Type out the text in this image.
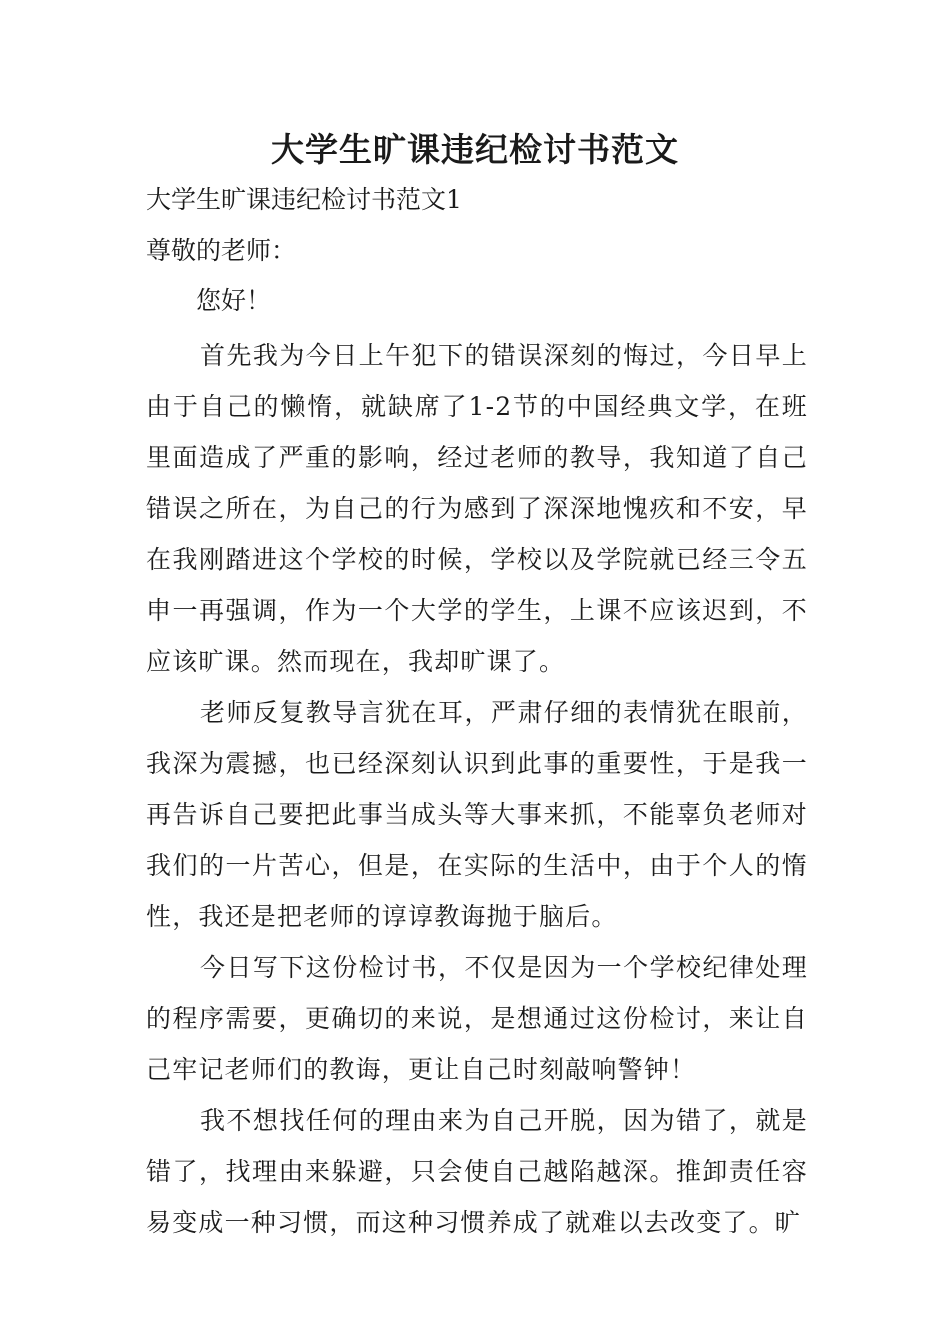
大学生旷课违纪检讨书范文
大学生旷课违纪检讨书范文1
尊敬的老师：
您好！

首先我为今日上午犯下的错误深刻的悔过，今日早上由于自己的懒惰，就缺席了1-2节的中国经典文学，在班里面造成了严重的影响，经过老师的教导，我知道了自己错误之所在，为自己的行为感到了深深地愧疚和不安，早在我刚踏进这个学校的时候，学校以及学院就已经三令五申一再强调，作为一个大学的学生，上课不应该迟到，不应该旷课。然而现在，我却旷课了。

老师反复教导言犹在耳，严肃仔细的表情犹在眼前，我深为震撼，也已经深刻认识到此事的重要性，于是我一再告诉自己要把此事当成头等大事来抓，不能辜负老师对我们的一片苦心，但是，在实际的生活中，由于个人的惰性，我还是把老师的谆谆教诲抛于脑后。

今日写下这份检讨书，不仅是因为一个学校纪律处理的程序需要，更确切的来说，是想通过这份检讨，来让自己牢记老师们的教诲，更让自己时刻敲响警钟！

我不想找任何的理由来为自己开脱，因为错了，就是错了，找理由来躲避，只会使自己越陷越深。推卸责任容易变成一种习惯，而这种习惯养成了就难以去改变了。旷
